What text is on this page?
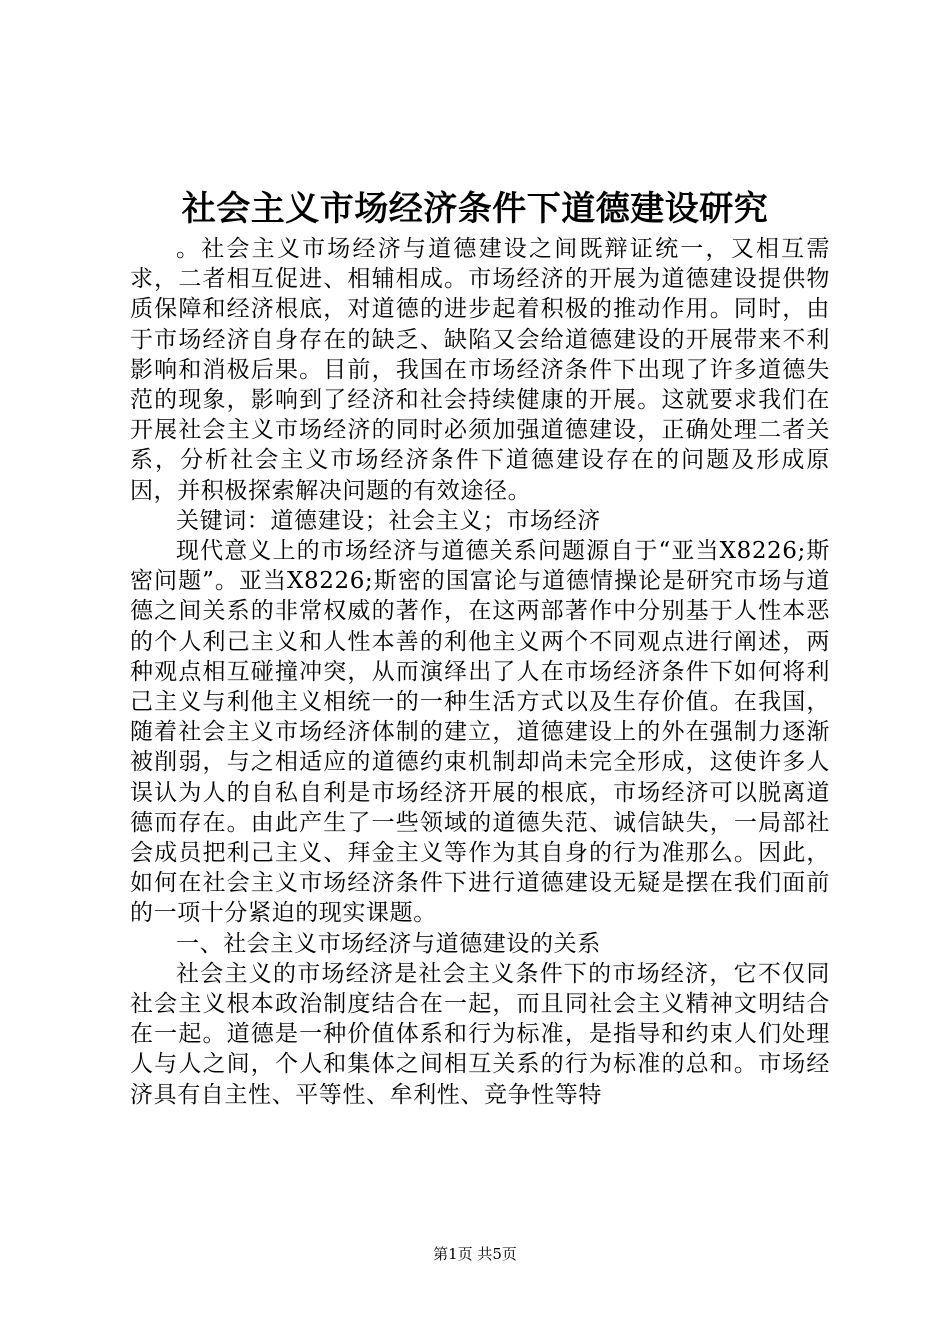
社会主义市场经济条件下道德建设研究

。社会主义市场经济与道德建设之间既辩证统一，又相互需求，二者相互促进、相辅相成。市场经济的开展为道德建设提供物质保障和经济根底，对道德的进步起着积极的推动作用。同时，由于市场经济自身存在的缺乏、缺陷又会给道德建设的开展带来不利影响和消极后果。目前，我国在市场经济条件下出现了许多道德失范的现象，影响到了经济和社会持续健康的开展。这就要求我们在开展社会主义市场经济的同时必须加强道德建设，正确处理二者关系，分析社会主义市场经济条件下道德建设存在的问题及形成原因，并积极探索解决问题的有效途径。

关键词：道德建设；社会主义；市场经济

现代意义上的市场经济与道德关系问题源自于“亚当X8226;斯密问题”。亚当X8226;斯密的国富论与道德情操论是研究市场与道德之间关系的非常权威的著作，在这两部著作中分别基于人性本恶的个人利己主义和人性本善的利他主义两个不同观点进行阐述，两种观点相互碰撞冲突，从而演绎出了人在市场经济条件下如何将利己主义与利他主义相统一的一种生活方式以及生存价值。在我国，随着社会主义市场经济体制的建立，道德建设上的外在强制力逐渐被削弱，与之相适应的道德约束机制却尚未完全形成，这使许多人误认为人的自私自利是市场经济开展的根底，市场经济可以脱离道德而存在。由此产生了一些领域的道德失范、诚信缺失，一局部社会成员把利己主义、拜金主义等作为其自身的行为准那么。因此，如何在社会主义市场经济条件下进行道德建设无疑是摆在我们面前的一项十分紧迫的现实课题。

一、社会主义市场经济与道德建设的关系

社会主义的市场经济是社会主义条件下的市场经济，它不仅同社会主义根本政治制度结合在一起，而且同社会主义精神文明结合在一起。道德是一种价值体系和行为标准，是指导和约束人们处理人与人之间，个人和集体之间相互关系的行为标准的总和。市场经济具有自主性、平等性、牟利性、竞争性等特

第1页 共5页
